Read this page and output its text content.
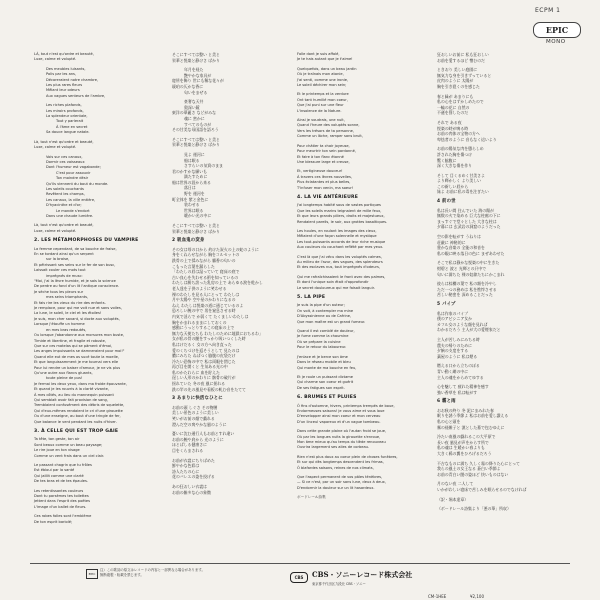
ECPM 1
EPIC
MONO

LÀ, tout n'est qu'ordre et beauté,

Luxe, calme et volupté.

Des meubles luisants,

Polis par les ans,

Décoreraient notre chambre,

Les plus rares fleurs

Mêlant leur odeurs

Aux vagues senteurs de l'ambre,

Les riches plafonds,

Les miroirs profonds,

La splendeur orientale,

Tout y parlerait

À l'âme en secret

Sa douce langue natale.

Là, tout n'est qu'ordre et beauté,

Luxe, calme et volupté.

Vois sur ces canaux,

Dormir ces vaisseaux

Dont l'humeur est vagabonde;

C'est pour assouvir

Ton moindre désir

Qu'ils viennent du bout du monde.

Les soleils couchants

Revêtent les champs,

Les canaux, la ville entière,

D'hyacinthe et d'or;

Le monde s'endort

Dans une chaude lumière.

Là, tout n'est qu'ordre et beauté,

Luxe, calme et volupté.

2. LES MÉTAMORPHOSES DU VAMPIRE

La femme cependant, de sa bouche de fraise,

En se tordant ainsi qu'un serpent

sur la braise,

Et pétrissant ses seins sur le fer de son busc,

Laissait couler ces mots tout

imprégnés de musc:

"Moi, j'ai la lèvre humide, et je sais la science

De perdre au fond d'un lit l'antique conscience.

Je sèche tous les pleurs sur

mes seins triomphants,

Et fais rire les vieux du rire des enfants.

Je remplace, pour qui me voit nue et sans voiles,

La lune, le soleil, le ciel et les étoiles!

Je suis, mon cher savant, si docte aux voluptés,

Lorsque j'étouffe un homme

en mes bras redoutés,

Ou lorsque j'abandonne aux morsures mon buste,

Timide et libertine, et fragile et robuste,

Que sur ces matelas qui se pâment d'émoi,

Les anges impuissants se damneraient pour moi!"

Quand elle eut de mes os sucé toute la moelle,

Et que languissamment je me tournai vers elle

Pour lui rendre un baiser d'amour, je ne vis plus

Qu'une outre aux flancs gluants,

toute pleine de pus!

Je fermai les deux yeux, dans ma froide épouvante,

Et quand je les rouvris à la clarté vivante,

À mes côtés, au lieu du mannequin puissant

Qui semblait avoir fait provision de sang,

Tremblaient confusément des débris de squelette,

Qui d'eux-mêmes rendaient le cri d'une girouette

Ou d'une enseigne, au bout d'une tringle de fer,

Que balance le vent pendant les nuits d'hiver.

3. À CELLE QUI EST TROP GAIE

Ta tête, ton geste, ton air

Sont beaux comme un beau paysage;

Le rire joue en ton visage

Comme un vent frais dans un ciel clair.

Le passant chagrin que tu frôles

Est ébloui par la santé

Qui jaillit comme une clarté

De tes bras et de tes épaules.

Les retentissantes couleurs

Dont tu parsèmes tes toilettes

Jettent dans l'esprit des poètes

L'image d'un ballet de fleurs.

Ces robes folles sont l'emblème

De ton esprit bariolé;

そこにすべては整い と美と

栄華と悦楽と静けさ ばかり

年月を経た

艶やかな家具が

寝所を飾り 世にも稀な花々が

琥珀の仄かな香に

匂いをまぜる

豪奢な天井

奥深い鏡

東洋の華麗さ などがみな

魂に 密かに

すべてのものが

その甘美な母国語を語ろう

そこにすべては整い と美と

栄華と悦楽と静けさ ばかり

見よ 運河に

船は眠る

さすらいの気質のまま

君のかすかな願いも

満たすために

船は世界の涯から来る

落日は

野を 運河を

町全体を 紫と金色に

装わせる

世界は眠る

暖かい光の中に

そこにすべては整い と美と

栄華と悦楽と静けさ ばかり

2 吸血鬼の変身

その女は苺の口から 灼けた炭火の上の蛇のように

身をくねらせながら 胸をコルセットの

鉄骨の上で揉みながら 麝香の匂いの

こもった言葉を漏らした

「わたしの唇は湿っていて 寝床の底で

古い良心を失わせる術を知っているの

わたしは勝ち誇った乳房の上で あらゆる涙を乾かし

老人達を子供のように笑わせる

裸のわたしを見る人にとって わたしは

月や太陽や 空や星のかわりになるの

ねえ わたしは悦楽の道に通じているのよ

恐ろしい腕の中で 男を窒息させる時

内気で淫らで か弱くて たくましいわたしは

胸をかまれるままにしておくの

感動にうっとりするこの寝床の上で

無力な天使たちも わたしのために地獄におちるわ」

女が私の骨の髄をすっかり吸いつくした時

私はけだるく 女の方へ向き直った

愛のくちづけを返そうとして 見たのは

膿にみちた ねばつく脇腹の皮袋だけ

冷たい恐怖の中で 私は両眼を閉じた

再び目を開くと 生気ある光の中

私のかたわらに 血を貯えた

逞しい人形のかわりに 骸骨の破片が

揺れていた 冬の夜 風に揺れる

鉄の竿の先の風見や看板の軋む音をたてて

3 あまりに快活なひとに

お前の頭 しぐさ その物腰

美しい景色のように美しい

笑いがお前の顔で戯れる

澄んだ空の爽やかな風のように

憂いに沈む通行人もお前とすれ違い

お前の腕や肩から 光のように

ほとばしる健康さに

目をくらまされる

お前が衣裳にちりばめた

鮮やかな色彩は

詩人たちの心に

花のバレエの姿を投げる

あの狂おしい衣裳は

お前の雑多な心の象徴

Folle dont je suis affolé,

Je te hais autant que je t'aime!

Quelquefois, dans un beau jardin

Où je traînais mon atonie,

J'ai senti, comme une ironie,

Le soleil déchirer mon sein;

Et le printemps et la verdure

Ont tant humilié mon coeur,

Que j'ai puni sur une fleur

L'insolence de la Nature.

Ainsi je voudrais, une nuit,

Quand l'heure des voluptés sonne,

Vers les trésors de ta personne,

Comme un lâche, ramper sans bruit,

Pour châtier ta chair joyeuse,

Pour meurtrir ton sein pardonné,

Et faire à ton flanc étonné

Une blessure large et creuse,

Et, vertigineuse douceur!

À travers ces lèvres nouvelles,

Plus éclatantes et plus belles,

T'infuser mon venin, ma soeur!

4. LA VIE ANTÉRIEURE

J'ai longtemps habité sous de vastes portiques

Que les soleils marins teignaient de mille feux,

Et que leurs grands piliers, droits et majestueux,

Rendaient pareils, le soir, aux grottes basaltiques.

Les houles, en roulant les images des cieux,

Mêlaient d'une façon solennelle et mystique

Les tout-puissants accords de leur riche musique

Aux couleurs du couchant reflété par mes yeux.

C'est là que j'ai vécu dans les voluptés calmes,

Au milieu de l'azur, des vagues, des splendeurs

Et des esclaves nus, tout imprégnés d'odeurs,

Qui me rafraîchissaient le front avec des palmes,

Et dont l'unique soin était d'approfondir

Le secret douloureux qui me faisait languir.

5. LA PIPE

Je suis la pipe d'un auteur;

On voit, à contempler ma mine

D'Abyssinienne ou de Cafrine,

Que mon maître est un grand fumeur.

Quand il est comblé de douleur,

Je fume comme la chaumine

Où se prépare la cuisine

Pour le retour du laboureur.

J'enlace et je berce son âme

Dans le réseau mobile et bleu

Qui monte de ma bouche en feu,

Et je roule un puissant dictame

Qui charme son coeur et guérit

De ses fatigues son esprit.

6. BRUMES ET PLUIES

Ô fins d'automne, hivers, printemps trempés de boue,

Endormeuses saisons! je vous aime et vous loue

D'envelopper ainsi mon coeur et mon cerveau

D'un linceul vaporeux et d'un vague tombeau.

Dans cette grande plaine où l'autan froid se joue,

Où par les longues nuits la girouette s'enroue,

Mon âme mieux qu'au temps du tiède renouveau

Ouvrira largement ses ailes de corbeau.

Rien n'est plus doux au coeur plein de choses funèbres,

Et sur qui dès longtemps descendent les frimas,

Ô blafardes saisons, reines de nos climats,

Que l'aspect permanent de vos pâles ténèbres,

— Si ce n'est, par un soir sans lune, deux à deux,

D'endormir la douleur sur un lit hasardeux.

ボードレール詩集

狂おしいお前に 私も狂おしい

お前を愛するほど 憎むのだ

ときおり 美しい庭園に

無気力な身を引きずっていると

皮肉のように 太陽が

胸を引き裂くのを感じた

春と緑が あまりにも

私の心をはずかしめたので

一輪の花に 自然の

不遜を罰したのだ

それで ある夜

悦楽の時が鳴る時

お前の肉体の宝物の方へ

卑怯者のように 音もなく這いより

お前の陽気な肉を懲らしめ

許された胸を傷つけ

驚く脇腹に

深く大きな傷を作り

そして 目くるめく甘美さよ

より輝かしく より美しい

この新しい唇から

妹よ お前に私の毒を注ぎたい

4 前の世

私は長い間 住んでいた 海の陽が

無数の火で染める 巨大な柱廊の下に

まっすぐで堂々とした 大きな柱は

夕暮には 玄武岩の洞窟のようだった

空の影を転がす うねりは

荘厳に 神秘的に

豊かな音楽の 全能の和音を

私の眼に映る落日の色に まぜあわせた

そこで私は静かな悦楽の中に生きた

紺碧と 波と 光輝との只中で

匂いに満ちた 裸の奴隷たちにかこまれ

彼らは棕櫚の葉で 私の額を冷やし

ただ一つの務めは 私を憔悴させる

苦しい秘密を 深めることだった

5 パイプ

私は作家のパイプ

僕のアビシニア女か

カフル女のような顔を見れば

わかるだろう 主人が大の愛煙家だと

主人が苦しみにみちる時

農夫の帰りのために

夕餉の支度をする

藁屋のように 私は煙る

燃える口から立ちのぼる

青い動く網の中に

主人の魂をからめてゆする

心を魅して 疲れた精神を癒す

強い香草を 私は転がす

6 霧と雨

おお秋の終り 冬 泥にまみれた春

眠りを誘う季節よ 私はお前を愛し讃える

私の心と頭を

霧の経帷子と 漠とした墓で包むゆえに

冷たい南風の戯れるこの大平原で

長い夜 風見が声をからす所で

私の魂は 生暖かい春よりも

大きく鴉の翼をひろげるだろう

不吉なものに満ち 久しく霜の降りた心にとって

我らの風土の女王なる 蒼白い季節よ

お前の青白い闇の姿ほど 快いものはない

月のない夜 二人して

いかがわしい寝床で苦しみを眠らせるのでなければ

（訳・堀本達章）

（ボードレール詩集より「悪の華」所収）

EPIC
注）この歌詞の原文はレコードの内容と一部異なる場合があります。
無断複製・転載を禁じます。
CBS	CBS・ソニーレコード株式会社
東京都千代田区九段北 CBS・ソニー
CM-1HEE	¥2,100
